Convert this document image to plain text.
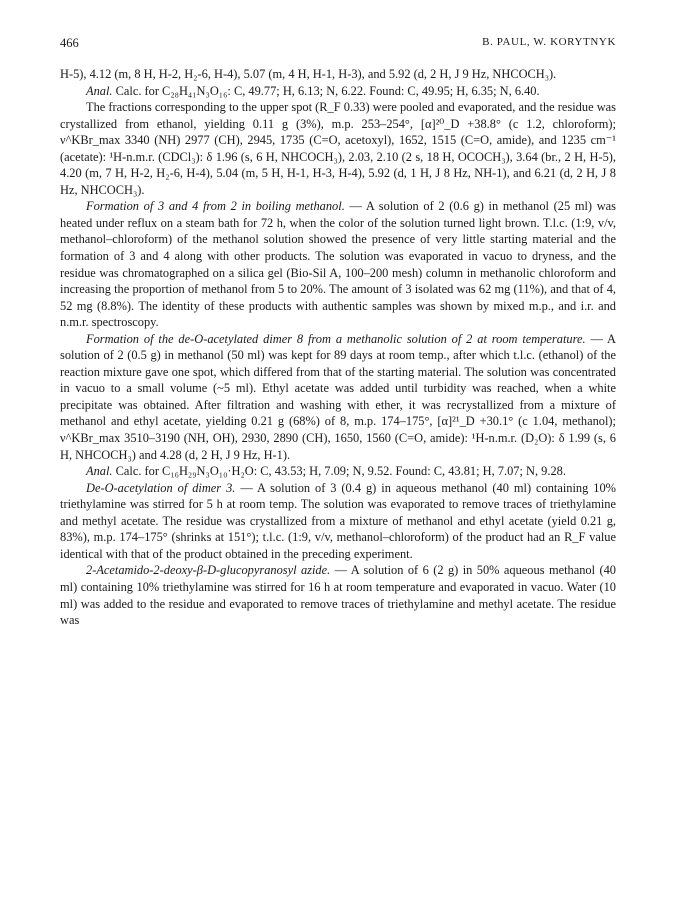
466	B. PAUL, W. KORYTNYK

H-5), 4.12 (m, 8 H, H-2, H₂-6, H-4), 5.07 (m, 4 H, H-1, H-3), and 5.92 (d, 2 H, J 9 Hz, NHCOCH₃).

Anal. Calc. for C₂₈H₄₁N₃O₁₆: C, 49.77; H, 6.13; N, 6.22. Found: C, 49.95; H, 6.35; N, 6.40.

The fractions corresponding to the upper spot (R_F 0.33) were pooled and evaporated, and the residue was crystallized from ethanol, yielding 0.11 g (3%), m.p. 253–254°, [α]²⁰_D +38.8° (c 1.2, chloroform); ν^KBr_max 3340 (NH) 2977 (CH), 2945, 1735 (C=O, acetoxyl), 1652, 1515 (C=O, amide), and 1235 cm⁻¹ (acetate): ¹H-n.m.r. (CDCl₃): δ 1.96 (s, 6 H, NHCOCH₃), 2.03, 2.10 (2 s, 18 H, OCOCH₃), 3.64 (br., 2 H, H-5), 4.20 (m, 7 H, H-2, H₂-6, H-4), 5.04 (m, 5 H, H-1, H-3, H-4), 5.92 (d, 1 H, J 8 Hz, NH-1), and 6.21 (d, 2 H, J 8 Hz, NHCOCH₃).

Formation of 3 and 4 from 2 in boiling methanol. — A solution of 2 (0.6 g) in methanol (25 ml) was heated under reflux on a steam bath for 72 h, when the color of the solution turned light brown. T.l.c. (1:9, v/v, methanol–chloroform) of the methanol solution showed the presence of very little starting material and the formation of 3 and 4 along with other products. The solution was evaporated in vacuo to dryness, and the residue was chromatographed on a silica gel (Bio-Sil A, 100–200 mesh) column in methanolic chloroform and increasing the proportion of methanol from 5 to 20%. The amount of 3 isolated was 62 mg (11%), and that of 4, 52 mg (8.8%). The identity of these products with authentic samples was shown by mixed m.p., and i.r. and n.m.r. spectroscopy.

Formation of the de-O-acetylated dimer 8 from a methanolic solution of 2 at room temperature. — A solution of 2 (0.5 g) in methanol (50 ml) was kept for 89 days at room temp., after which t.l.c. (ethanol) of the reaction mixture gave one spot, which differed from that of the starting material. The solution was concentrated in vacuo to a small volume (~5 ml). Ethyl acetate was added until turbidity was reached, when a white precipitate was obtained. After filtration and washing with ether, it was recrystallized from a mixture of methanol and ethyl acetate, yielding 0.21 g (68%) of 8, m.p. 174–175°, [α]²¹_D +30.1° (c 1.04, methanol); ν^KBr_max 3510–3190 (NH, OH), 2930, 2890 (CH), 1650, 1560 (C=O, amide): ¹H-n.m.r. (D₂O): δ 1.99 (s, 6 H, NHCOCH₃) and 4.28 (d, 2 H, J 9 Hz, H-1).

Anal. Calc. for C₁₆H₂₉N₃O₁₀·H₂O: C, 43.53; H, 7.09; N, 9.52. Found: C, 43.81; H, 7.07; N, 9.28.

De-O-acetylation of dimer 3. — A solution of 3 (0.4 g) in aqueous methanol (40 ml) containing 10% triethylamine was stirred for 5 h at room temp. The solution was evaporated to remove traces of triethylamine and methyl acetate. The residue was crystallized from a mixture of methanol and ethyl acetate (yield 0.21 g, 83%), m.p. 174–175° (shrinks at 151°); t.l.c. (1:9, v/v, methanol–chloroform) of the product had an R_F value identical with that of the product obtained in the preceding experiment.

2-Acetamido-2-deoxy-β-D-glucopyranosyl azide. — A solution of 6 (2 g) in 50% aqueous methanol (40 ml) containing 10% triethylamine was stirred for 16 h at room temperature and evaporated in vacuo. Water (10 ml) was added to the residue and evaporated to remove traces of triethylamine and methyl acetate. The residue was
